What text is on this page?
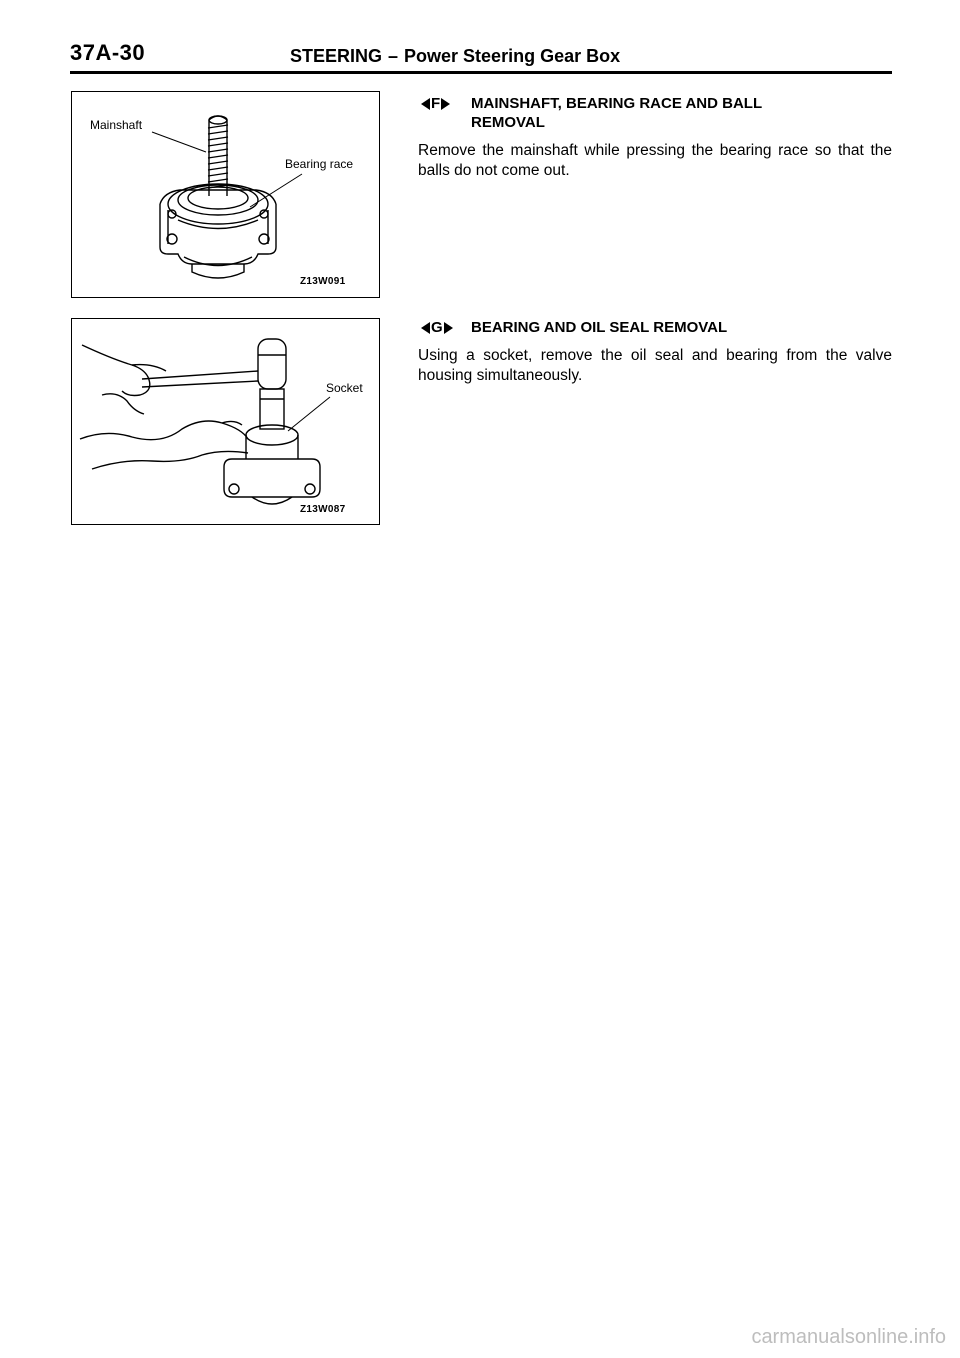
37A-30	STEERING – Power Steering Gear Box
Mainshaft
Bearing race
Z13W091
Socket
Z13W087
F MAINSHAFT, BEARING RACE AND BALL
REMOVAL
Remove the mainshaft while pressing the bearing race so that the balls do not come out.
G BEARING AND OIL SEAL REMOVAL
Using a socket, remove the oil seal and bearing from the valve housing simultaneously.
carmanualsonline.info
